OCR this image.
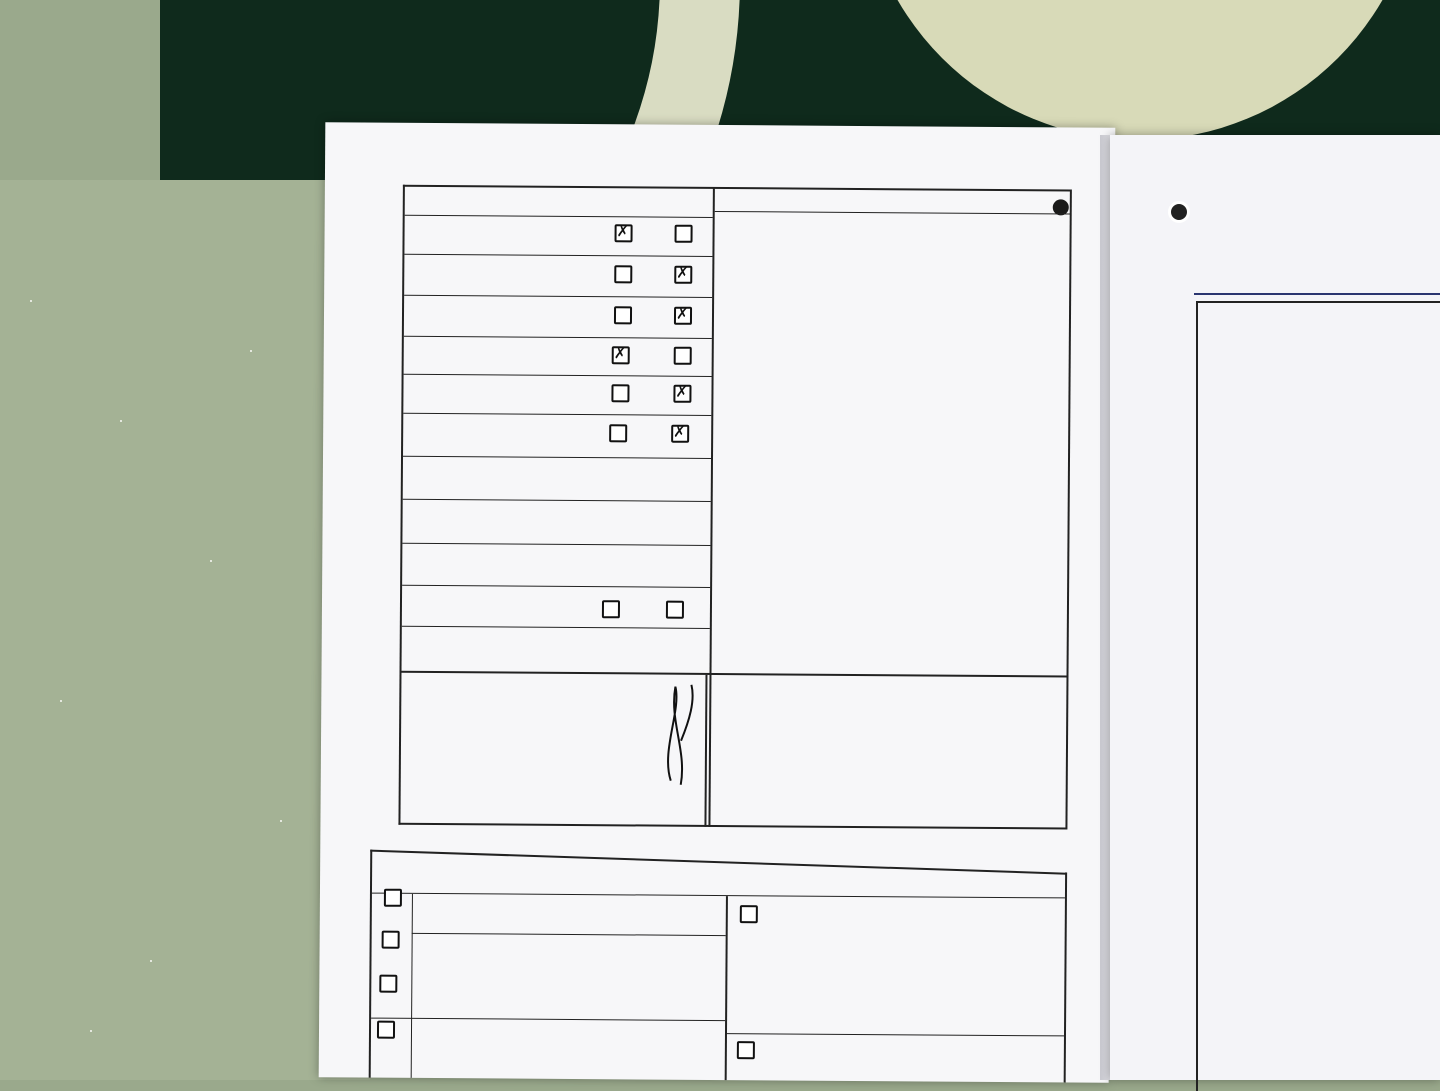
✗
✗
✗
✗
✗
✗
